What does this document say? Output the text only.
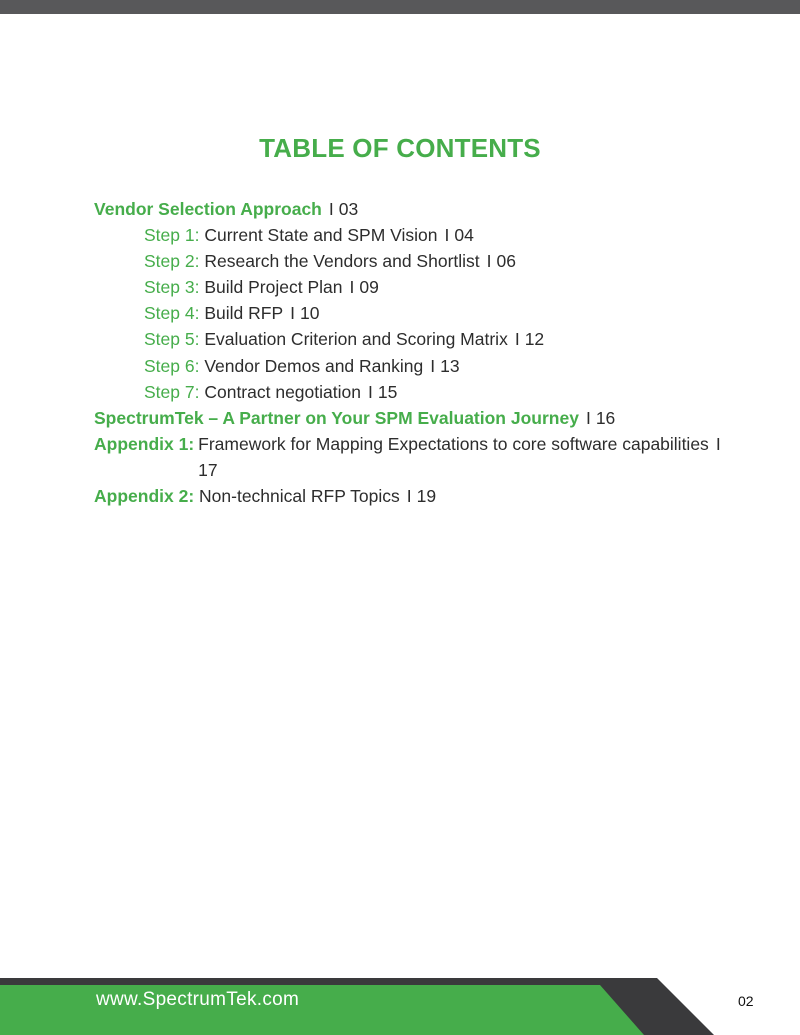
TABLE OF CONTENTS
Vendor Selection Approach I 03
Step 1: Current State and SPM Vision I 04
Step 2: Research the Vendors and Shortlist I 06
Step 3: Build Project Plan I 09
Step 4: Build RFP I 10
Step 5: Evaluation Criterion and Scoring Matrix I 12
Step 6: Vendor Demos and Ranking I 13
Step 7: Contract negotiation I 15
SpectrumTek – A Partner on Your SPM Evaluation Journey I 16
Appendix 1: Framework for Mapping Expectations to core software capabilities I17
Appendix 2: Non-technical RFP Topics I 19
www.SpectrumTek.com	02
